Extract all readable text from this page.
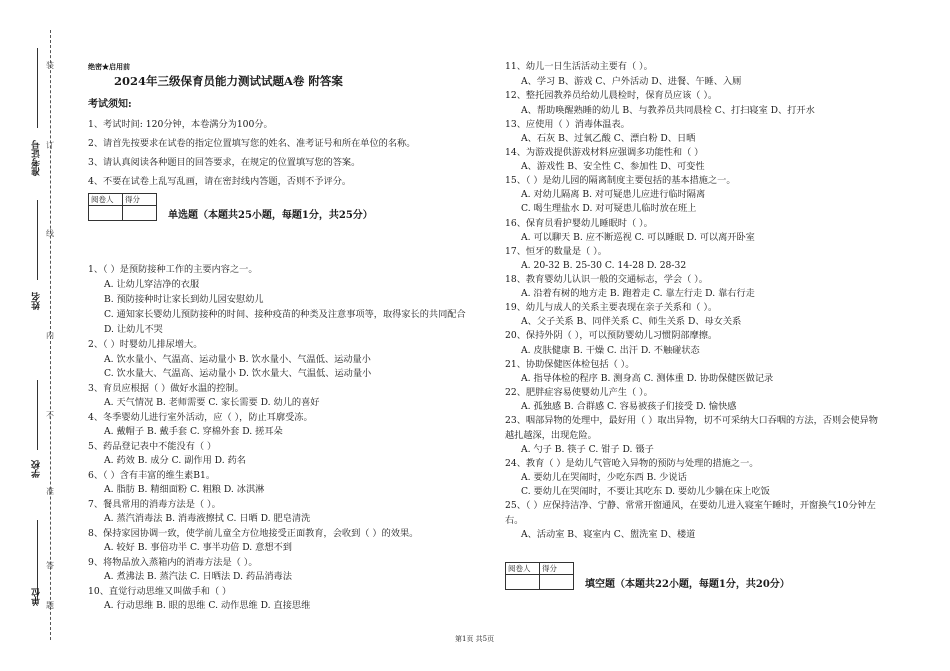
准考证号
姓名
学校
单位
装
订
线
内
不
准
答
题
绝密★启用前
2024年三级保育员能力测试试题A卷 附答案
考试须知:
1、考试时间: 120分钟，本卷满分为100分。
2、请首先按要求在试卷的指定位置填写您的姓名、准考证号和所在单位的名称。
3、请认真阅读各种题目的回答要求，在规定的位置填写您的答案。
4、不要在试卷上乱写乱画，请在密封线内答题，否则不予评分。
阅卷人	得分

单选题（本题共25小题，每题1分，共25分）
1、（ ）是预防接种工作的主要内容之一。
A. 让幼儿穿洁净的衣服
B. 预防接种时让家长到幼儿园安慰幼儿
C. 通知家长婴幼儿预防接种的时间、接种疫苗的种类及注意事项等，取得家长的共同配合
D. 让幼儿不哭
2、（ ）时婴幼儿排尿增大。
A. 饮水量小、气温高、运动量小 B. 饮水量小、气温低、运动量小
C. 饮水量大、气温高、运动量小 D. 饮水量大、气温低、运动量小
3、育员应根据（ ）做好水温的控制。
A. 天气情况 B. 老师需要 C. 家长需要 D. 幼儿的喜好
4、冬季婴幼儿进行室外活动，应（ ），防止耳廓受冻。
A. 戴帽子 B. 戴手套 C. 穿棉外套 D. 搓耳朵
5、药品登记表中不能没有（ ）
A. 药效 B. 成分 C. 副作用 D. 药名
6、（ ）含有丰富的维生素B1。
A. 脂肪 B. 精细面粉 C. 粗粮 D. 冰淇淋
7、餐具常用的消毒方法是（ ）。
A. 蒸汽消毒法 B. 消毒液擦拭 C. 日晒 D. 肥皂清洗
8、保持家园协调一致，使学前儿童全方位地接受正面教育，会收到（ ）的效果。
A. 较好 B. 事倍功半 C. 事半功倍 D. 意想不到
9、将物品放入蒸箱内的消毒方法是（ ）。
A. 煮沸法 B. 蒸汽法 C. 日晒法 D. 药品消毒法
10、直觉行动思维又叫做手和（ ）
A. 行动思维 B. 眼的思维 C. 动作思维 D. 直接思维
11、幼儿一日生活活动主要有（ ）。
A、学习 B、游戏 C、户外活动 D、进餐、午睡、入厕
12、整托园教养员给幼儿晨检时，保育员应该（ ）。
A、帮助唤醒熟睡的幼儿 B、与教养员共同晨检 C、打扫寝室 D、打开水
13、应使用（ ）消毒体温表。
A、石灰 B、过氧乙酸 C、漂白粉 D、日晒
14、为游戏提供游戏材料应强调多功能性和（ ）
A、游戏性 B、安全性 C、参加性 D、可变性
15、（ ）是幼儿园的隔离制度主要包括的基本措施之一。
A. 对幼儿隔离 B. 对可疑患儿应进行临时隔离
C. 喝生理盐水 D. 对可疑患儿临时放在班上
16、保育员看护婴幼儿睡眠时（ ）。
A. 可以聊天 B. 应不断巡视 C. 可以睡眠 D. 可以离开卧室
17、恒牙的数量是（ ）。
A. 20-32 B. 25-30 C. 14-28 D. 28-32
18、教育婴幼儿认识一般的交通标志，学会（ ）。
A. 沿着有树的地方走 B. 跑着走 C. 靠左行走 D. 靠右行走
19、幼儿与成人的关系主要表现在亲子关系和（ ）。
A、父子关系 B、同伴关系 C、师生关系 D、母女关系
20、保持外阴（ ），可以预防婴幼儿习惯阴部摩擦。
A. 皮肤健康 B. 干燥 C. 出汗 D. 不触碰状态
21、协助保健医体检包括（ ）。
A. 指导体检的程序 B. 测身高 C. 测体重 D. 协助保健医做记录
22、肥胖症容易使婴幼儿产生（ ）。
A. 孤独感 B. 合群感 C. 容易被孩子们接受 D. 愉快感
23、咽部异物的处理中，最好用（ ）取出异物，切不可采纳大口吞咽的方法，否则会使异物
越扎越深，出现危险。
A. 勺子 B. 筷子 C. 钳子 D. 镊子
24、教育（ ）是幼儿气管呛入异物的预防与处理的措施之一。
A. 要幼儿在哭闹时，少吃东西 B. 少说话
C. 要幼儿在哭闹时，不要让其吃东 D. 要幼儿少躺在床上吃饭
25、（ ）应保持洁净、宁静、常常开窗通风，在要幼儿进入寝室午睡时，开窗换气10分钟左
右。
A、活动室 B、寝室内 C、盥洗室 D、楼道
阅卷人	得分

填空题（本题共22小题，每题1分，共20分）
第1页 共5页
